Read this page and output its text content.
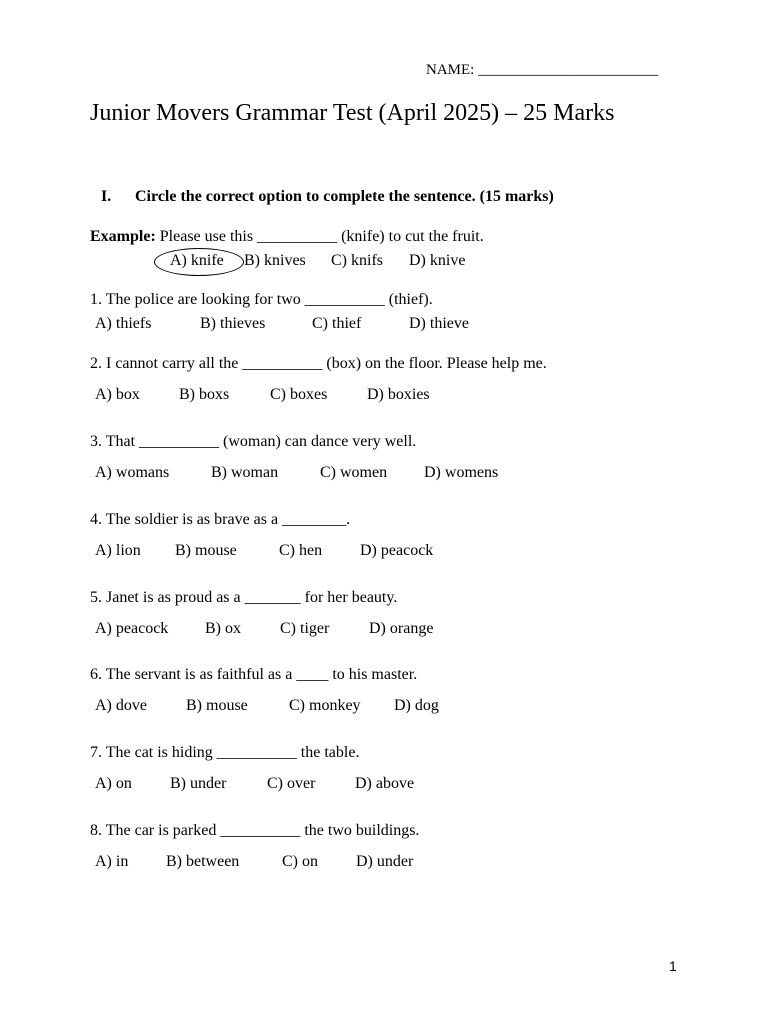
NAME: ________________________
Junior Movers Grammar Test (April 2025) – 25 Marks
I. Circle the correct option to complete the sentence. (15 marks)
Example: Please use this __________ (knife) to cut the fruit.
A) knife B) knives C) knifs D) knive
1. The police are looking for two __________ (thief).
A) thiefs	B) thieves	C) thief	D) thieve
2. I cannot carry all the __________ (box) on the floor. Please help me.
A) box B) boxs	C) boxes D) boxies
3. That __________ (woman) can dance very well.
A) womans	B) woman	C) women D) womens
4. The soldier is as brave as a ________.
A) lion B) mouse	C) hen D) peacock
5. Janet is as proud as a _______ for her beauty.
A) peacock B) ox C) tiger D) orange
6. The servant is as faithful as a ____ to his master.
A) dove B) mouse	C) monkey D) dog
7. The cat is hiding __________ the table.
A) on B) under	C) over D) above
8. The car is parked __________ the two buildings.
A) in B) between	C) on D) under
1
